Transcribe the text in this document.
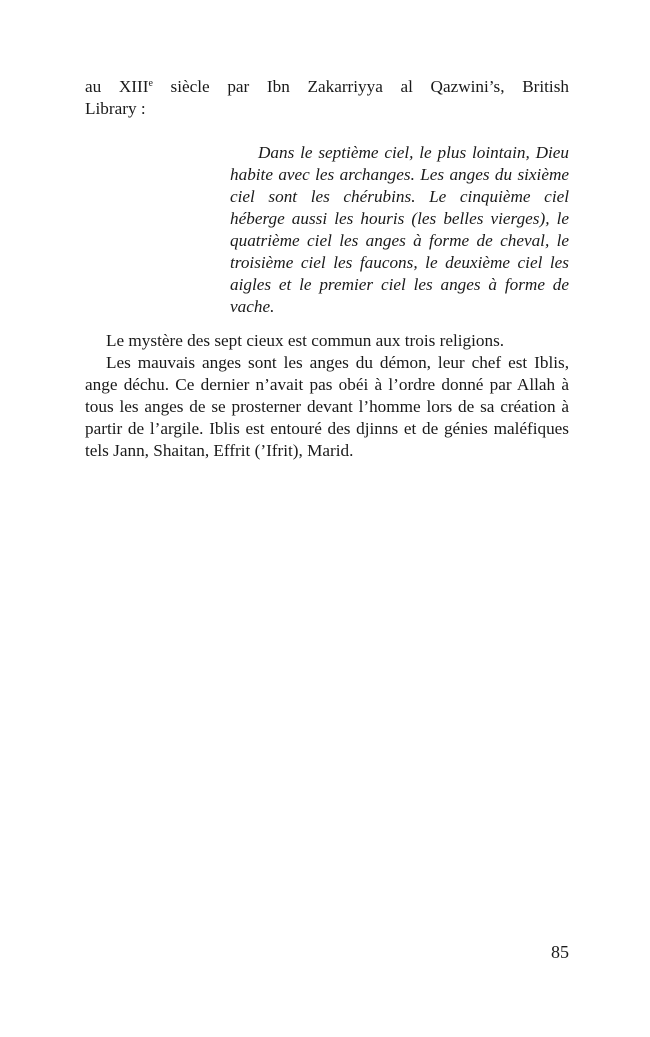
au XIIIe siècle par Ibn Zakarriyya al Qazwini’s, British
Library :
Dans le septième ciel, le plus lointain, Dieu habite avec les archanges. Les anges du sixième ciel sont les chérubins. Le cinquième ciel héberge aussi les houris (les belles vierges), le quatrième ciel les anges à forme de cheval, le troisième ciel les faucons, le deuxième ciel les aigles et le premier ciel les anges à forme de vache.

Le mystère des sept cieux est commun aux trois religions.

Les mauvais anges sont les anges du démon, leur chef est Iblis, ange déchu. Ce dernier n’avait pas obéi à l’ordre donné par Allah à tous les anges de se prosterner devant l’homme lors de sa création à partir de l’argile. Iblis est entouré des djinns et de génies maléfiques tels Jann, Shaitan, Effrit (’Ifrit), Marid.

85
